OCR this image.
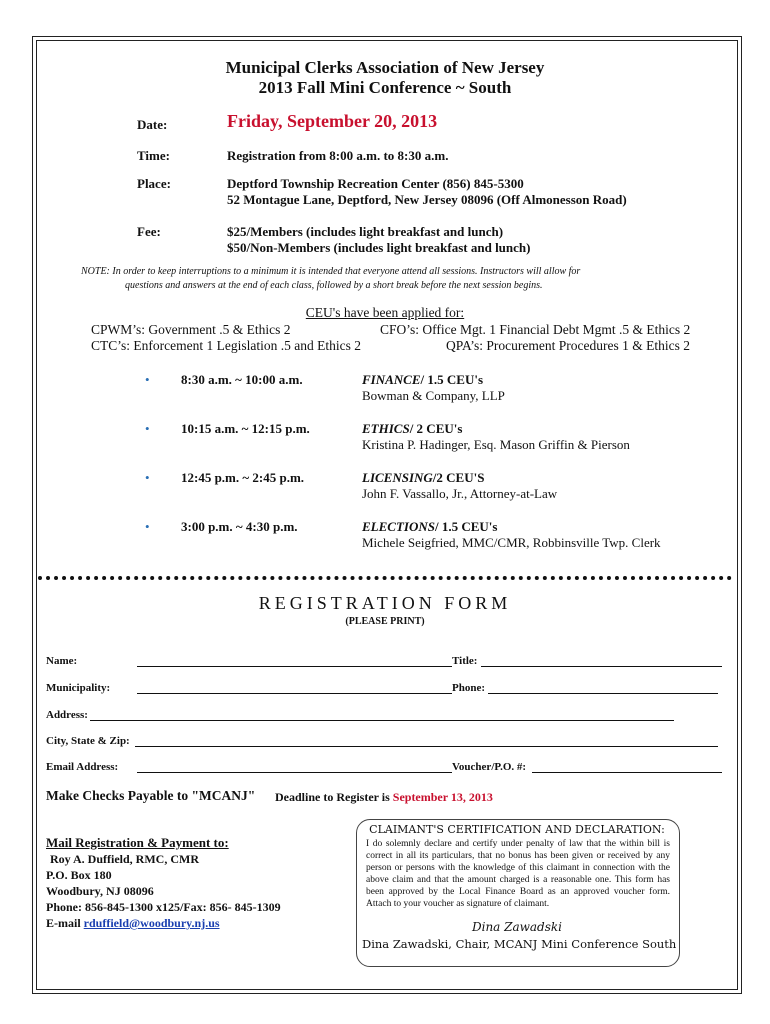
Municipal Clerks Association of New Jersey
2013 Fall Mini Conference ~ South
Date:	Friday, September 20, 2013
Time:	Registration from 8:00 a.m. to 8:30 a.m.
Place:	Deptford Township Recreation Center (856) 845-5300
52 Montague Lane, Deptford, New Jersey 08096 (Off Almonesson Road)
Fee:	$25/Members (includes light breakfast and lunch)
$50/Non-Members (includes light breakfast and lunch)
NOTE: In order to keep interruptions to a minimum it is intended that everyone attend all sessions. Instructors will allow for
questions and answers at the end of each class, followed by a short break before the next session begins.
CEU's have been applied for:
CPWM’s: Government .5 & Ethics 2	CFO’s: Office Mgt. 1 Financial Debt Mgmt .5 & Ethics 2
CTC’s: Enforcement 1 Legislation .5 and Ethics 2	QPA’s: Procurement Procedures 1 & Ethics 2
• 8:30 a.m. ~ 10:00 a.m.	FINANCE/ 1.5 CEU's
Bowman & Company, LLP
• 10:15 a.m. ~ 12:15 p.m.	ETHICS/ 2 CEU's
Kristina P. Hadinger, Esq. Mason Griffin & Pierson
• 12:45 p.m. ~ 2:45 p.m.	LICENSING/2 CEU'S
John F. Vassallo, Jr., Attorney-at-Law
• 3:00 p.m. ~ 4:30 p.m.	ELECTIONS/ 1.5 CEU's
Michele Seigfried, MMC/CMR, Robbinsville Twp. Clerk
REGISTRATION FORM
(PLEASE PRINT)
Name:	Title:
Municipality:	Phone:
Address:
City, State & Zip:
Email Address:	Voucher/P.O. #:
Make Checks Payable to "MCANJ" Deadline to Register is September 13, 2013
Mail Registration & Payment to:
Roy A. Duffield, RMC, CMR
P.O. Box 180
Woodbury, NJ 08096
Phone: 856-845-1300 x125/Fax: 856- 845-1309
E-mail rduffield@woodbury.nj.us
CLAIMANT'S CERTIFICATION AND DECLARATION:
I do solemnly declare and certify under penalty of law that the within bill is correct in all its particulars, that no bonus has been given or received by any person or persons with the knowledge of this claimant in connection with the above claim and that the amount charged is a reasonable one. This form has been approved by the Local Finance Board as an approved voucher form. Attach to your voucher as signature of claimant.
Dina Zawadski
Dina Zawadski, Chair, MCANJ Mini Conference South
